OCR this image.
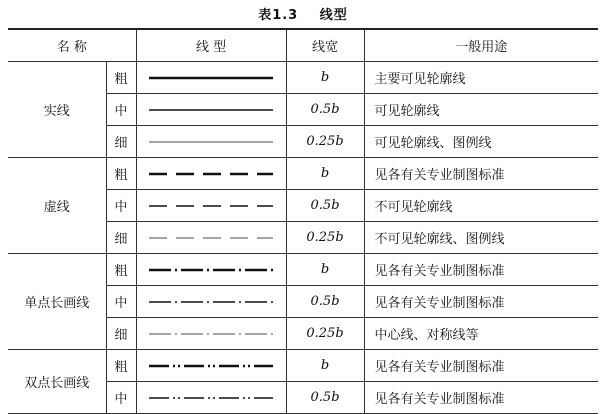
表1.3 线型
名 称		线 型	线宽	一般用途
实线	粗		b	主要可见轮廓线
	中		0.5b	可见轮廓线
	细		0.25b	可见轮廓线、图例线
虚线	粗		b	见各有关专业制图标准
	中		0.5b	不可见轮廓线
	细		0.25b	不可见轮廓线、图例线
单点长画线	粗		b	见各有关专业制图标准
	中		0.5b	见各有关专业制图标准
	细		0.25b	中心线、对称线等
双点长画线	粗		b	见各有关专业制图标准
	中		0.5b	见各有关专业制图标准
